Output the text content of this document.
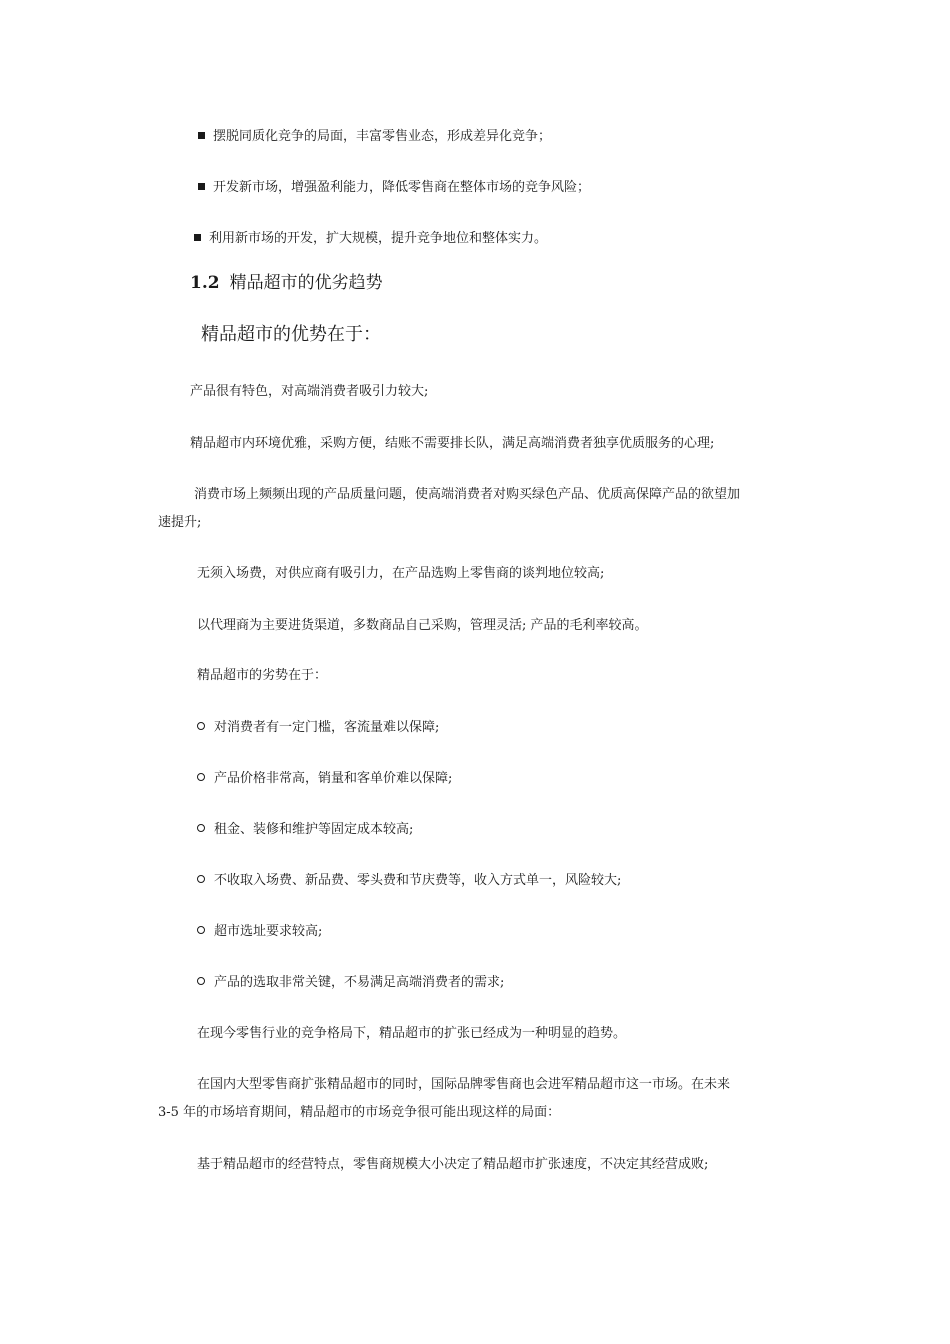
摆脱同质化竞争的局面，丰富零售业态，形成差异化竞争；
开发新市场，增强盈利能力，降低零售商在整体市场的竞争风险；
利用新市场的开发，扩大规模，提升竞争地位和整体实力。
1.2 精品超市的优劣趋势
精品超市的优势在于：
产品很有特色，对高端消费者吸引力较大;
精品超市内环境优雅，采购方便，结账不需要排长队，满足高端消费者独享优质服务的心理;
消费市场上频频出现的产品质量问题，使高端消费者对购买绿色产品、优质高保障产品的欲望加
速提升;
无须入场费，对供应商有吸引力，在产品选购上零售商的谈判地位较高;
以代理商为主要进货渠道，多数商品自己采购，管理灵活; 产品的毛利率较高。
精品超市的劣势在于：
对消费者有一定门槛，客流量难以保障;
产品价格非常高，销量和客单价难以保障;
租金、装修和维护等固定成本较高;
不收取入场费、新品费、零头费和节庆费等，收入方式单一，风险较大;
超市选址要求较高;
产品的选取非常关键，不易满足高端消费者的需求;
在现今零售行业的竞争格局下，精品超市的扩张已经成为一种明显的趋势。
在国内大型零售商扩张精品超市的同时，国际品牌零售商也会进军精品超市这一市场。在未来
3-5 年的市场培育期间，精品超市的市场竞争很可能出现这样的局面：
基于精品超市的经营特点，零售商规模大小决定了精品超市扩张速度，不决定其经营成败;
